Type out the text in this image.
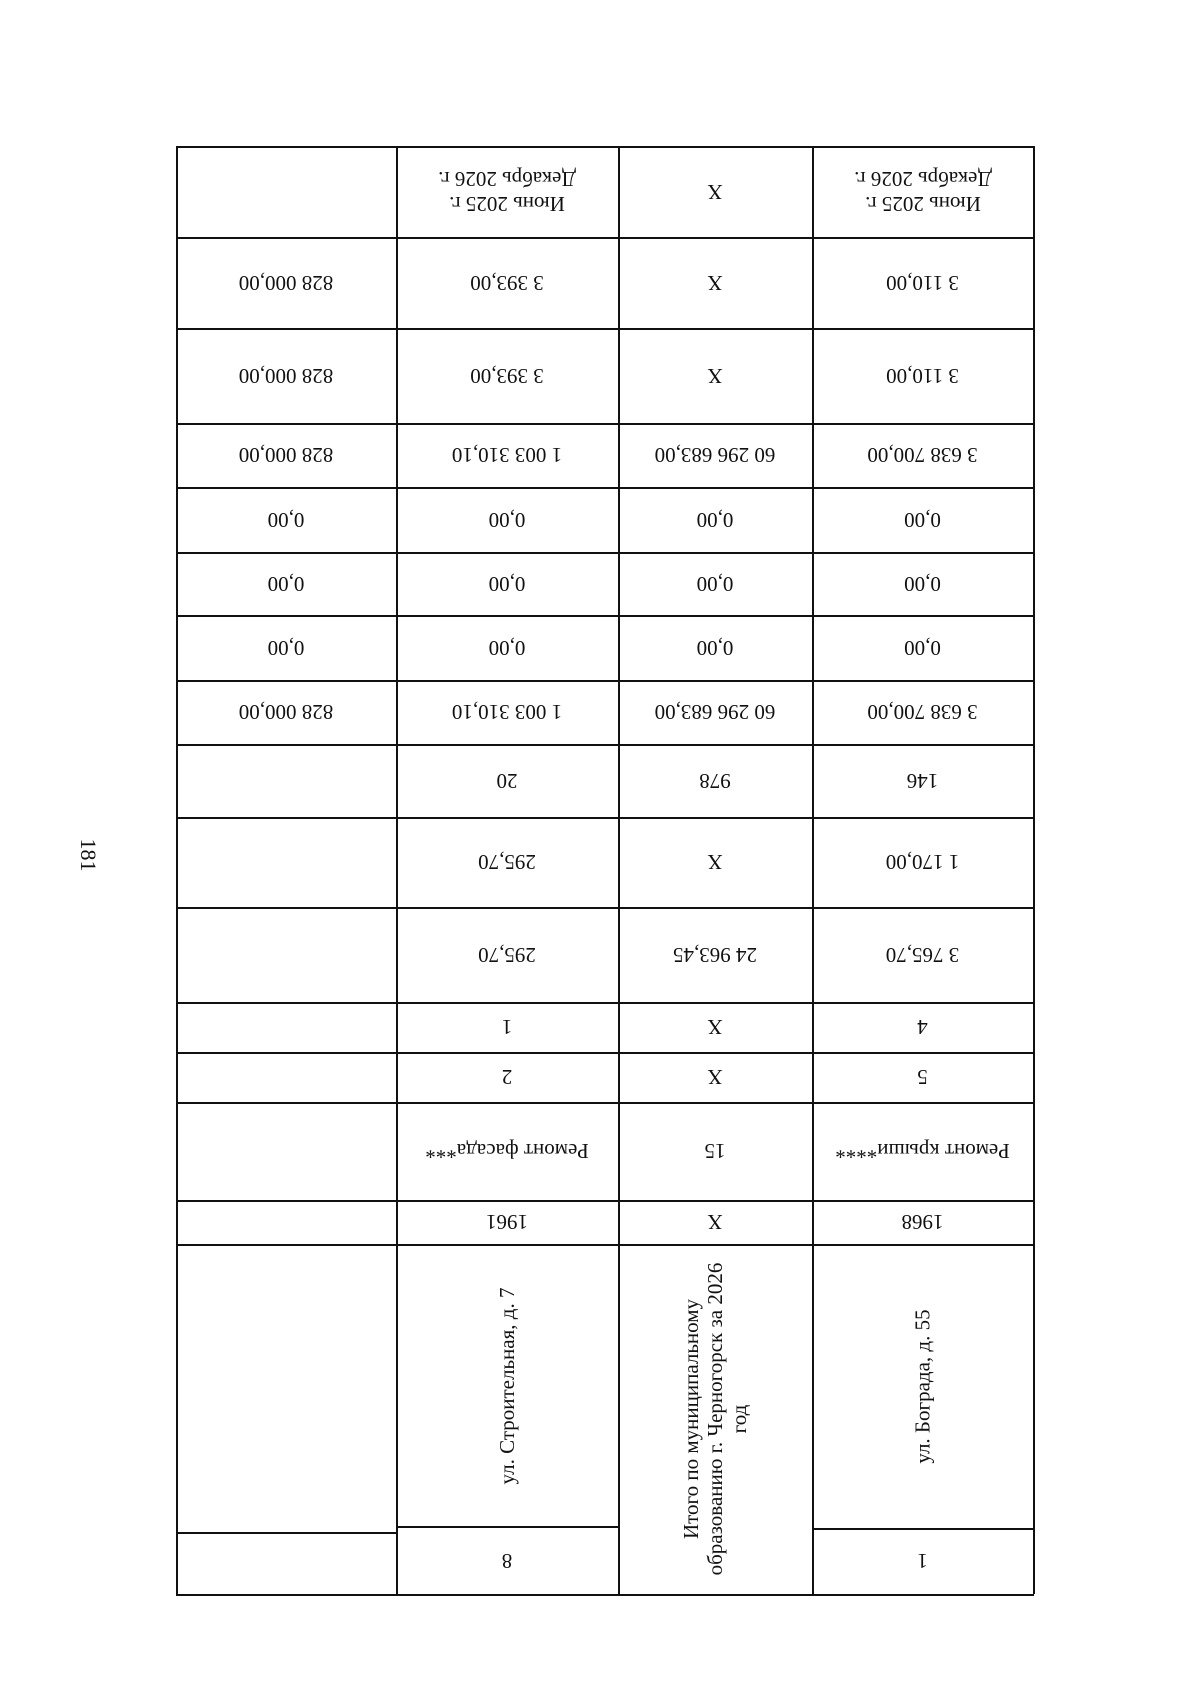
181
Июнь 2025 г. Декабрь 2026 г.
3 110,00
3 110,00
3 638 700,00
0,00
0,00
0,00
3 638 700,00
146
1 170,00
3 765,70
4
5
Ремонт крыши****
1968
ул. Бограда, д. 55
1
Х
Х
Х
60 296 683,00
0,00
0,00
0,00
60 296 683,00
978
Х
24 963,45
Х
Х
15
Х
Итого по муниципальному образованию г. Черногорск за 2026 год
Июнь 2025 г. Декабрь 2026 г.
3 393,00
3 393,00
1 003 310,10
0,00
0,00
0,00
1 003 310,10
20
295,70
295,70
1
2
Ремонт фасада***
1961
ул. Строительная, д. 7
8
828 000,00
828 000,00
828 000,00
0,00
0,00
0,00
828 000,00
